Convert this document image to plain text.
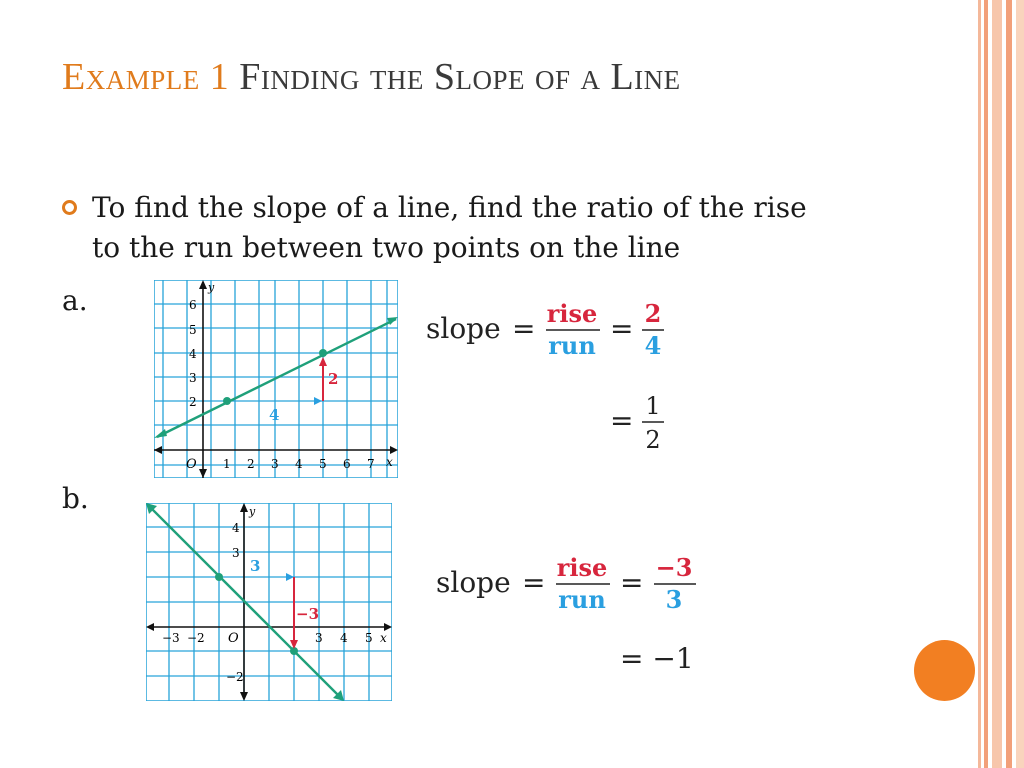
Example 1 Finding the Slope of a Line
To find the slope of a line, find the ratio of the rise to the run between two points on the line
a.
b.
y
x
O 1 2 3 4 5 6 7
2
3
4
5
6
2
4
slope = rise
run
= 2
4
= 1
2
y
x
O
−3 −2	3 4 5
4
3
−2
3
−3
slope = rise
run
= −3
3
= −1
